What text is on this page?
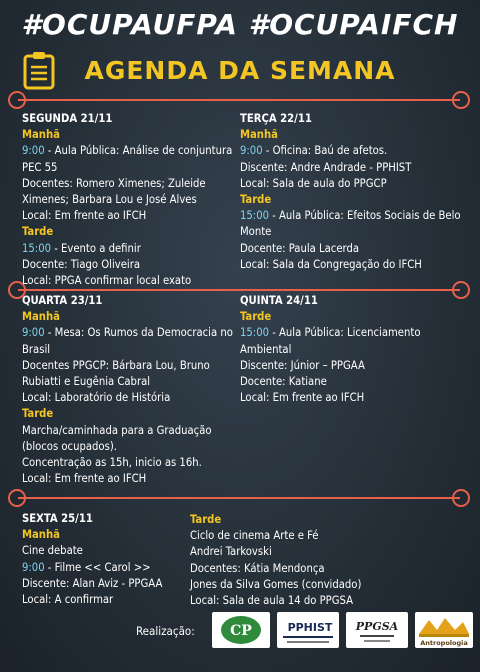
#OCUPAUFPA #OCUPAIFCH
AGENDA DA SEMANA

SEGUNDA 21/11

Manhã

9:00 - Aula Pública: Análise de conjuntura

PEC 55

Docentes: Romero Ximenes; Zuleide

Ximenes; Barbara Lou e José Alves

Local: Em frente ao IFCH

Tarde

15:00 - Evento a definir

Docente: Tiago Oliveira

Local: PPGA confirmar local exato

TERÇA 22/11

Manhã

9:00 - Oficina: Baú de afetos.

Discente: Andre Andrade - PPHIST

Local: Sala de aula do PPGCP

Tarde

15:00 - Aula Pública: Efeitos Sociais de Belo

Monte

Docente: Paula Lacerda

Local: Sala da Congregação do IFCH

QUARTA 23/11

Manhã

9:00 - Mesa: Os Rumos da Democracia no

Brasil

Docentes PPGCP: Bárbara Lou, Bruno

Rubiatti e Eugênia Cabral

Local: Laboratório de História

Tarde

Marcha/caminhada para a Graduação

(blocos ocupados).

Concentração as 15h, inicio as 16h.

Local: Em frente ao IFCH

QUINTA 24/11

Tarde

15:00 - Aula Pública: Licenciamento Ambiental

Discente: Júnior – PPGAA

Docente: Katiane

Local: Em frente ao IFCH

SEXTA 25/11

Manhã

Cine debate

9:00 - Filme << Carol >>

Discente: Alan Aviz - PPGAA

Local: A confirmar

Tarde

Ciclo de cinema Arte e Fé

Andrei Tarkovski

Docentes: Kátia Mendonça

Jones da Silva Gomes (convidado)

Local: Sala de aula 14 do PPGSA

Realização:	CP	PPHIST PPGSA
Antropologia
